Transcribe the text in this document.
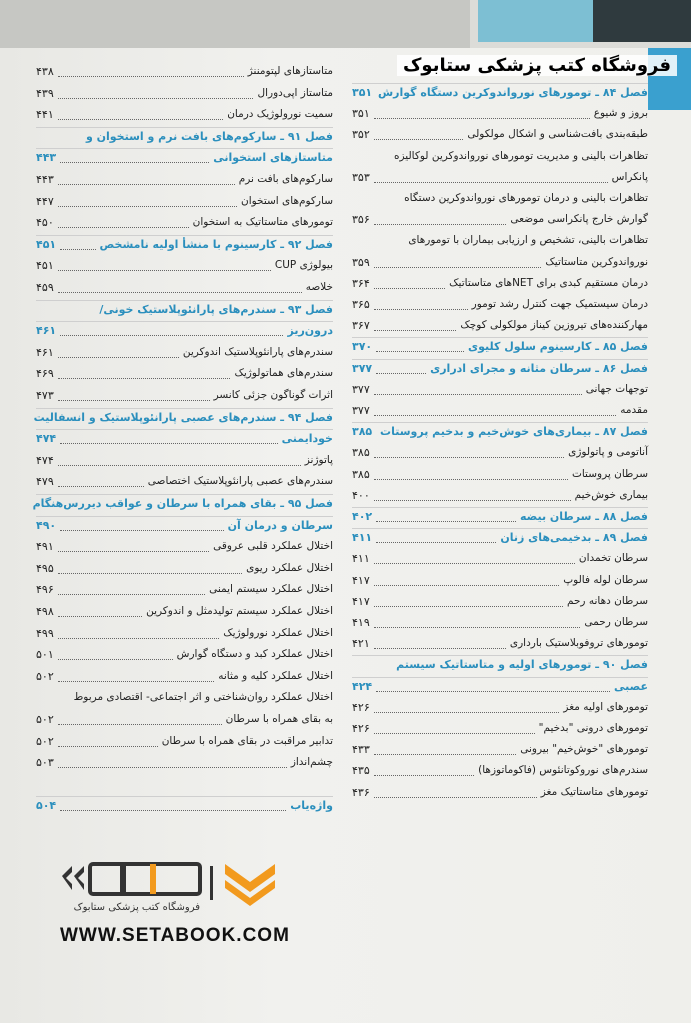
فصل ۸۴ ـ تومورهای نورواندوکرین دستگاه گوارش
۳۵۱
بروز و شیوع
۳۵۱
طبقه‌بندی بافت‌شناسی و اشکال مولکولی
۳۵۲
تظاهرات بالینی و مدیریت تومورهای نورواندوکرین لوکالیزه
پانکراس
۳۵۳
تظاهرات بالینی و درمان تومورهای نورواندوکرین دستگاه
گوارش خارج پانکراسی موضعی
۳۵۶
تظاهرات بالینی، تشخیص و ارزیابی بیماران با تومورهای
نورواندوکرین متاستاتیک
۳۵۹
درمان مستقیم کبدی برای NETهای متاستاتیک
۳۶۴
درمان سیستمیک جهت کنترل رشد تومور
۳۶۵
مهارکننده‌های تیروزین کیناز مولکولی کوچک
۳۶۷
فصل ۸۵ ـ کارسینوم سلول کلیوی
۳۷۰
فصل ۸۶ ـ سرطان مثانه و مجرای ادراری
۳۷۷
توجهات جهانی
۳۷۷
مقدمه
۳۷۷
فصل ۸۷ ـ بیماری‌های خوش‌خیم و بدخیم پروستات
۳۸۵
آناتومی و پاتولوژی
۳۸۵
سرطان پروستات
۳۸۵
بیماری خوش‌خیم
۴۰۰
فصل ۸۸ ـ سرطان بیضه
۴۰۲
فصل ۸۹ ـ بدخیمی‌های زنان
۴۱۱
سرطان تخمدان
۴۱۱
سرطان لوله فالوپ
۴۱۷
سرطان دهانه رحم
۴۱۷
سرطان رحمی
۴۱۹
تومورهای تروفوبلاستیک بارداری
۴۲۱
فصل ۹۰ ـ تومورهای اولیه و متاستاتیک سیستم
عصبی
۴۲۴
تومورهای اولیه مغز
۴۲۶
تومورهای درونی "بدخیم"
۴۲۶
تومورهای "خوش‌خیم" بیرونی
۴۳۳
سندرم‌های نوروکوتانئوس (فاکوماتوزها)
۴۳۵
تومورهای متاستاتیک مغز
۴۳۶
متاستازهای لپتومننژ
۴۳۸
متاستاز اپی‌دورال
۴۳۹
سمیت نورولوژیک درمان
۴۴۱
فصل ۹۱ ـ سارکوم‌های بافت نرم و استخوان و
متاستازهای استخوانی
۴۴۳
سارکوم‌های بافت نرم
۴۴۳
سارکوم‌های استخوان
۴۴۷
تومورهای متاستاتیک به استخوان
۴۵۰
فصل ۹۲ ـ کارسینوم با منشأ اولیه نامشخص
۴۵۱
بیولوژی CUP
۴۵۱
خلاصه
۴۵۹
فصل ۹۳ ـ سندرم‌های پارانئوپلاستیک خونی/
درون‌ریز
۴۶۱
سندرم‌های پارانئوپلاستیک اندوکرین
۴۶۱
سندرم‌های هماتولوژیک
۴۶۹
اثرات گوناگون جزئی کانسر
۴۷۳
فصل ۹۴ ـ سندرم‌های عصبی پارانئوپلاستیک و انسفالیت
خودایمنی
۴۷۴
پاتوژنز
۴۷۴
سندرم‌های عصبی پارانئوپلاستیک اختصاصی
۴۷۹
فصل ۹۵ ـ بقای همراه با سرطان و عواقب دیررس‌هنگام
سرطان و درمان آن
۴۹۰
اختلال عملکرد قلبی عروقی
۴۹۱
اختلال عملکرد ریوی
۴۹۵
اختلال عملکرد سیستم ایمنی
۴۹۶
اختلال عملکرد سیستم تولیدمثل و اندوکرین
۴۹۸
اختلال عملکرد نورولوژیک
۴۹۹
اختلال عملکرد کبد و دستگاه گوارش
۵۰۱
اختلال عملکرد کلیه و مثانه
۵۰۲
اختلال عملکرد روان‌شناختی و اثر اجتماعی- اقتصادی مربوط
به بقای همراه با سرطان
۵۰۲
تدابیر مراقبت در بقای همراه با سرطان
۵۰۲
چشم‌انداز
۵۰۳
واژه‌یاب
۵۰۴
فروشگاه کتب پزشکی ستابوک
فروشگاه کتب پزشکی ستابوک
WWW.SETABOOK.COM
